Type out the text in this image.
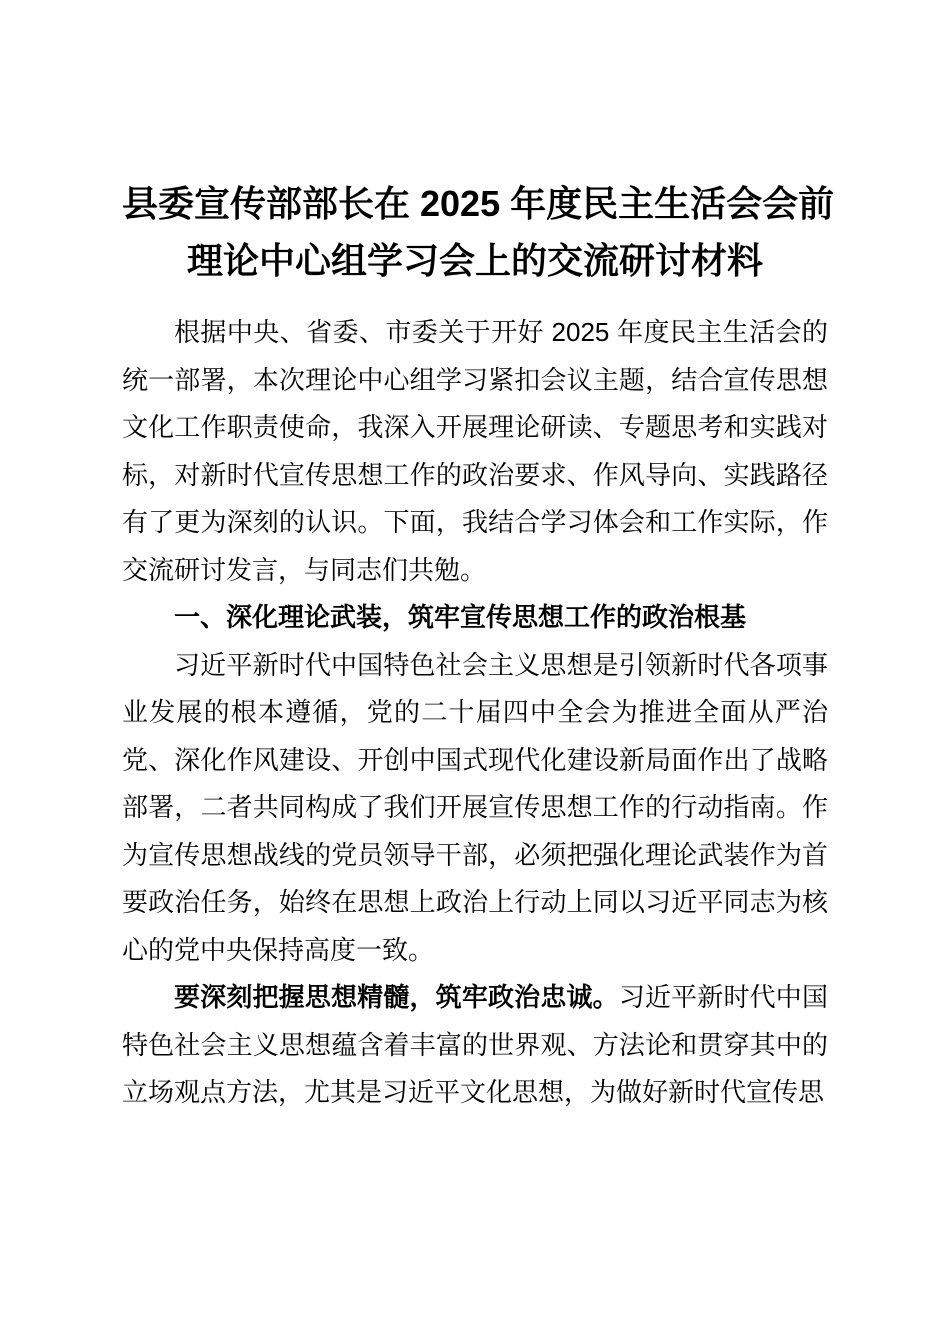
县委宣传部部长在 2025 年度民主生活会会前
理论中心组学习会上的交流研讨材料

根据中央、省委、市委关于开好 2025 年度民主生活会的统一部署，本次理论中心组学习紧扣会议主题，结合宣传思想文化工作职责使命，我深入开展理论研读、专题思考和实践对标，对新时代宣传思想工作的政治要求、作风导向、实践路径有了更为深刻的认识。下面，我结合学习体会和工作实际，作交流研讨发言，与同志们共勉。

一、深化理论武装，筑牢宣传思想工作的政治根基

习近平新时代中国特色社会主义思想是引领新时代各项事业发展的根本遵循，党的二十届四中全会为推进全面从严治党、深化作风建设、开创中国式现代化建设新局面作出了战略部署，二者共同构成了我们开展宣传思想工作的行动指南。作为宣传思想战线的党员领导干部，必须把强化理论武装作为首要政治任务，始终在思想上政治上行动上同以习近平同志为核心的党中央保持高度一致。

要深刻把握思想精髓，筑牢政治忠诚。习近平新时代中国特色社会主义思想蕴含着丰富的世界观、方法论和贯穿其中的立场观点方法，尤其是习近平文化思想，为做好新时代宣传思
